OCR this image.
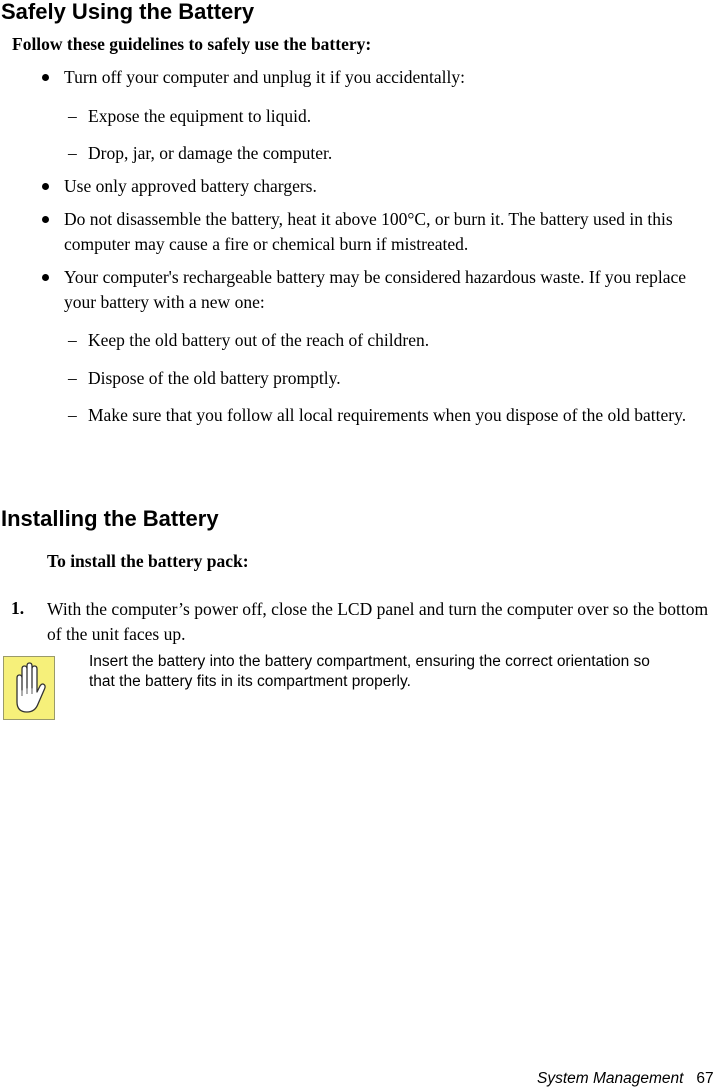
Safely Using the Battery
Follow these guidelines to safely use the battery:
Turn off your computer and unplug it if you accidentally:
– Expose the equipment to liquid.
– Drop, jar, or damage the computer.
Use only approved battery chargers.
Do not disassemble the battery, heat it above 100°C, or burn it. The battery used in this computer may cause a fire or chemical burn if mistreated.
Your computer's rechargeable battery may be considered hazardous waste. If you replace your battery with a new one:
– Keep the old battery out of the reach of children.
– Dispose of the old battery promptly.
– Make sure that you follow all local requirements when you dispose of the old battery.
Installing the Battery
To install the battery pack:
1. With the computer’s power off, close the LCD panel and turn the computer over so the bottom of the unit faces up.
Insert the battery into the battery compartment, ensuring the correct orientation so that the battery fits in its compartment properly.
System Management 67
